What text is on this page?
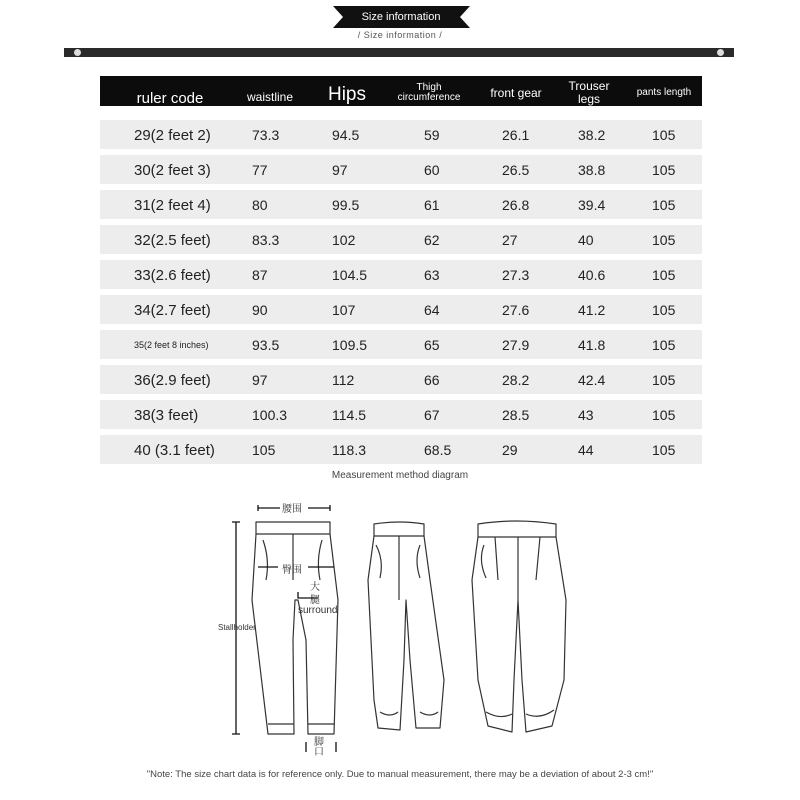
Size information
/ Size information /
ruler code	waistline	Hips	Thigh circumference	front gear	Trouser legs	pants length
29(2 feet 2)	73.3	94.5	59	26.1	38.2	105
30(2 feet 3)	77	97	60	26.5	38.8	105
31(2 feet 4)	80	99.5	61	26.8	39.4	105
32(2.5 feet)	83.3	102	62	27	40	105
33(2.6 feet)	87	104.5	63	27.3	40.6	105
34(2.7 feet)	90	107	64	27.6	41.2	105
35(2 feet 8 inches)	93.5	109.5	65	27.9	41.8	105
36(2.9 feet)	97	112	66	28.2	42.4	105
38(3 feet)	100.3	114.5	67	28.5	43	105
40 (3.1 feet)	105	118.3	68.5	29	44	105
Measurement method diagram
腰围
臀围
大
腿
surround
Stallholder
脚口
"Note: The size chart data is for reference only. Due to manual measurement, there may be a deviation of about 2-3 cm!"
